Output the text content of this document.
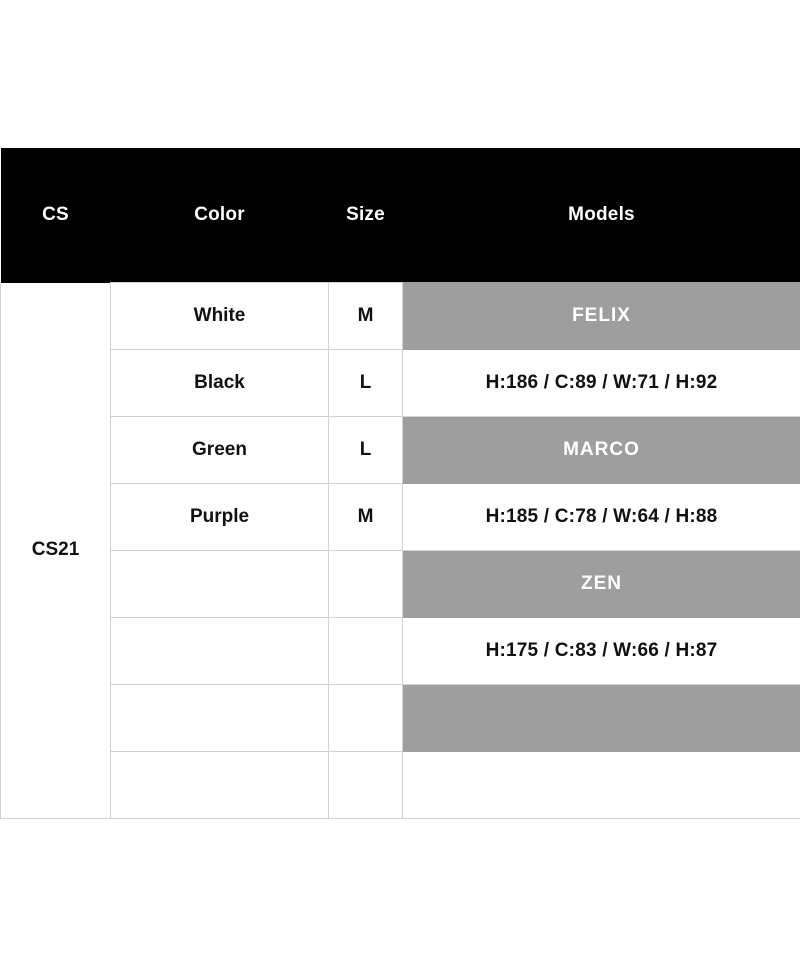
CS	Color	Size	Models
CS21	White	M	FELIX
	Black	L	H:186 / C:89 / W:71 / H:92
	Green	L	MARCO
	Purple	M	H:185 / C:78 / W:64 / H:88
			ZEN
			H:175 / C:83 / W:66 / H:87
